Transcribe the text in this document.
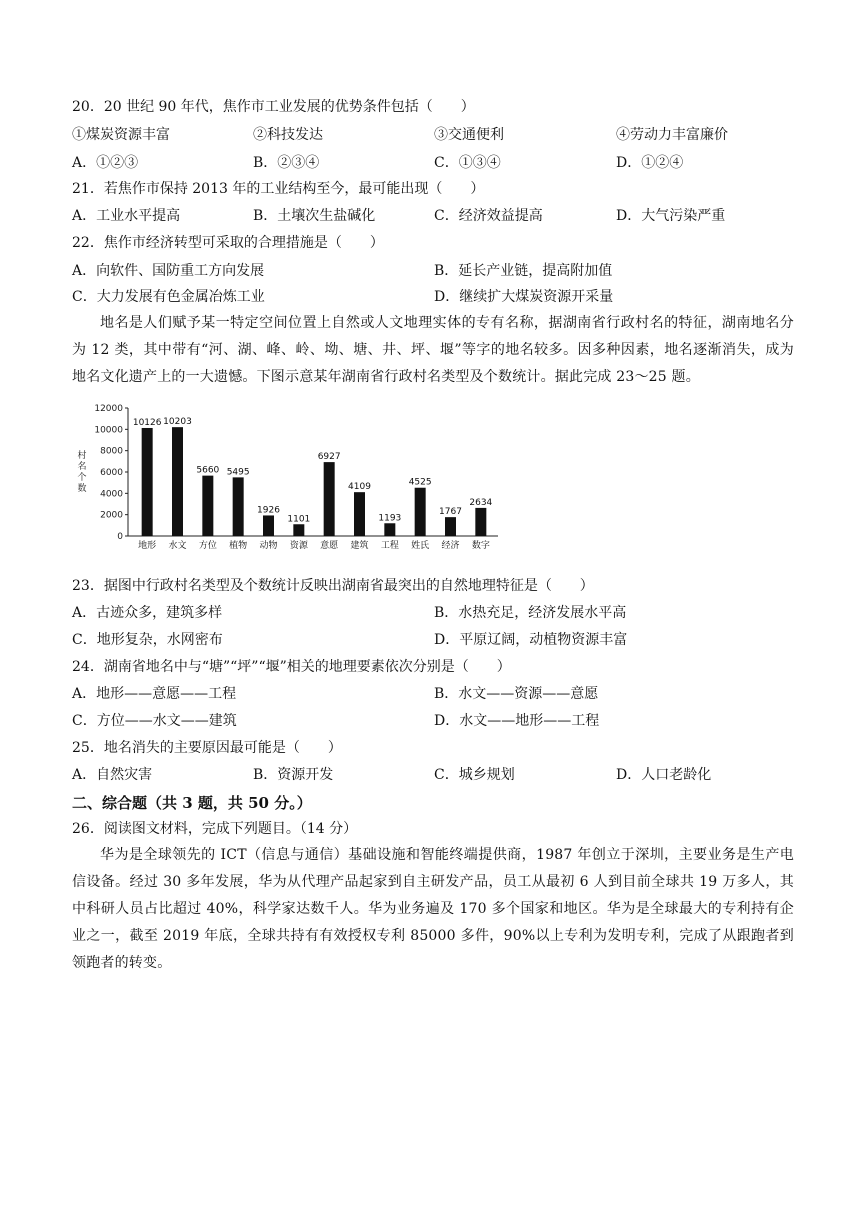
20．20 世纪 90 年代，焦作市工业发展的优势条件包括（　　）
①煤炭资源丰富	②科技发达	③交通便利	④劳动力丰富廉价
A．①②③	B．②③④	C．①③④	D．①②④
21．若焦作市保持 2013 年的工业结构至今，最可能出现（　　）
A．工业水平提高	B．土壤次生盐碱化	C．经济效益提高	D．大气污染严重
22．焦作市经济转型可采取的合理措施是（　　）
A．向软件、国防重工方向发展	B．延长产业链，提高附加值
C．大力发展有色金属冶炼工业	D．继续扩大煤炭资源开采量
地名是人们赋予某一特定空间位置上自然或人文地理实体的专有名称，据湖南省行政村名的特征，湖南地名分为 12 类，其中带有“河、湖、峰、岭、坳、塘、井、坪、堰”等字的地名较多。因多种因素，地名逐渐消失，成为地名文化遗产上的一大遗憾。下图示意某年湖南省行政村名类型及个数统计。据此完成 23～25 题。
0
2000
4000
6000
8000
10000
12000
村
名
个
数
10126
地形
10203
水文
5660
方位
5495
植物
1926
动物
1101
资源
6927
意愿
4109
建筑
1193
工程
4525
姓氏
1767
经济
2634
数字
23．据图中行政村名类型及个数统计反映出湖南省最突出的自然地理特征是（　　）
A．古迹众多，建筑多样	B．水热充足，经济发展水平高
C．地形复杂，水网密布	D．平原辽阔，动植物资源丰富
24．湖南省地名中与“塘”“坪”“堰”相关的地理要素依次分别是（　　）
A．地形——意愿——工程	B．水文——资源——意愿
C．方位——水文——建筑	D．水文——地形——工程
25．地名消失的主要原因最可能是（　　）
A．自然灾害	B．资源开发	C．城乡规划	D．人口老龄化
二、综合题（共 3 题，共 50 分。）
26．阅读图文材料，完成下列题目。（14 分）
华为是全球领先的 ICT（信息与通信）基础设施和智能终端提供商，1987 年创立于深圳，主要业务是生产电信设备。经过 30 多年发展，华为从代理产品起家到自主研发产品，员工从最初 6 人到目前全球共 19 万多人，其中科研人员占比超过 40%，科学家达数千人。华为业务遍及 170 多个国家和地区。华为是全球最大的专利持有企业之一，截至 2019 年底，全球共持有有效授权专利 85000 多件，90%以上专利为发明专利，完成了从跟跑者到领跑者的转变。
